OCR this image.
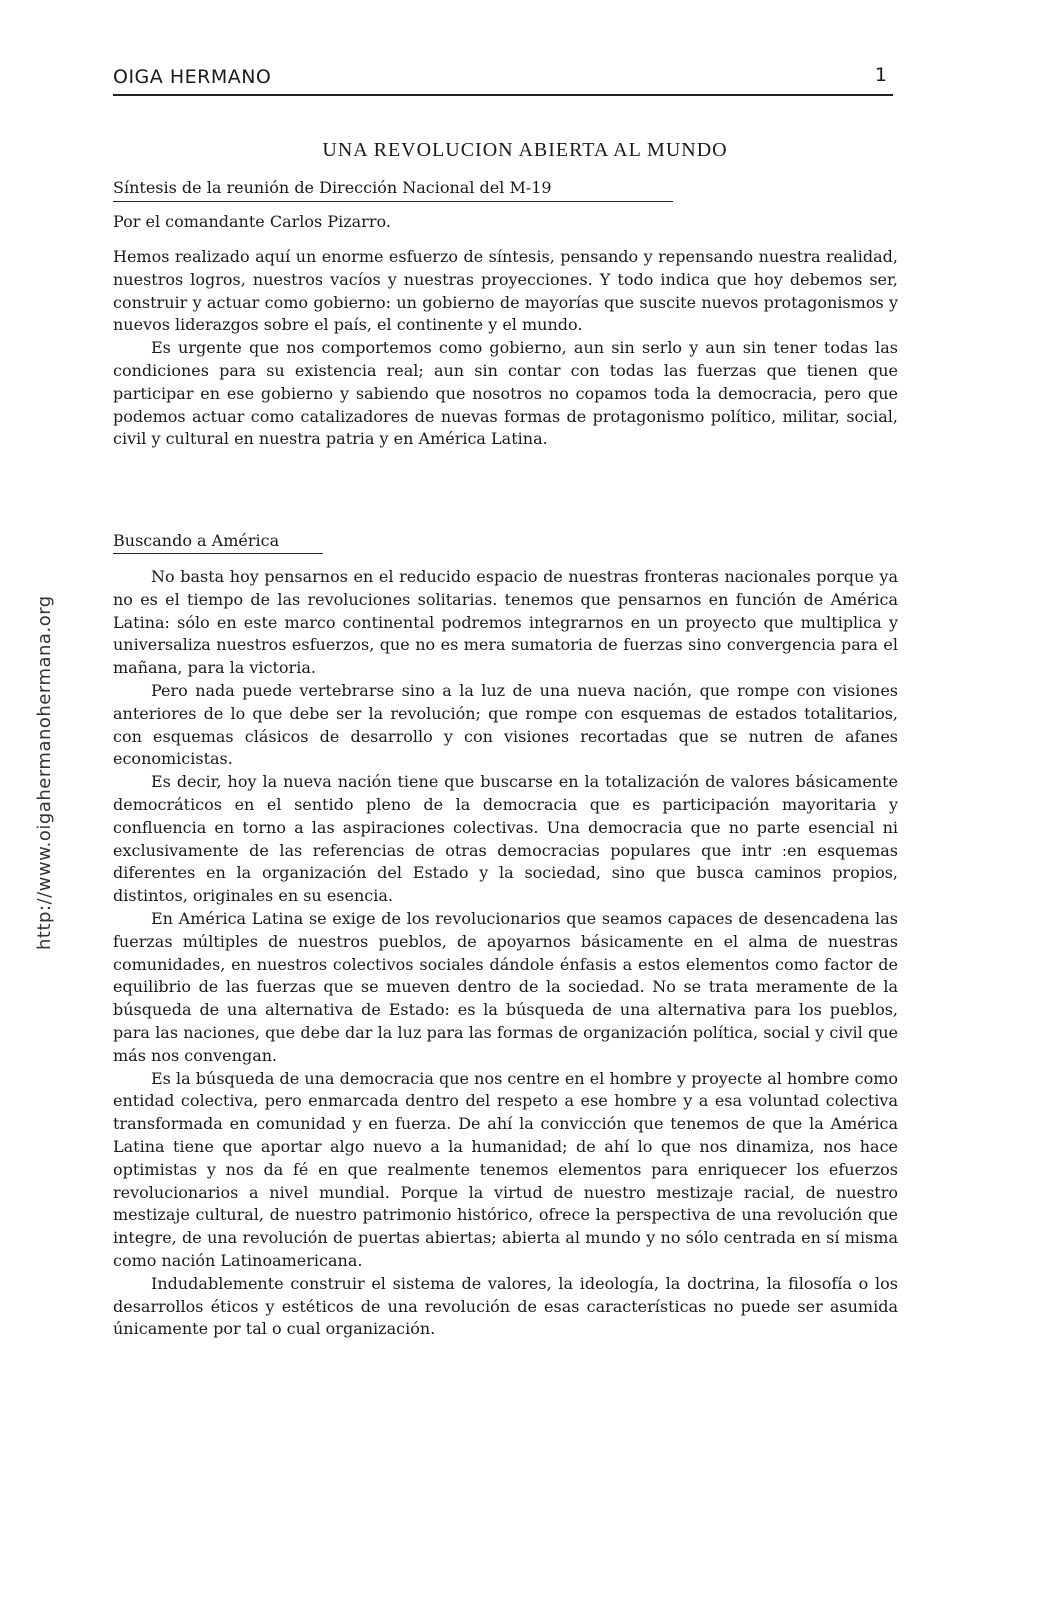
OIGA HERMANO	1
http://www.oigahermanohermana.org
UNA REVOLUCION ABIERTA AL MUNDO
Síntesis de la reunión de Dirección Nacional del M-19
Por el comandante Carlos Pizarro.

Hemos realizado aquí un enorme esfuerzo de síntesis, pensando y repensando nuestra realidad, nuestros logros, nuestros vacíos y nuestras proyecciones. Y todo indica que hoy debemos ser, construir y actuar como gobierno: un gobierno de mayorías que suscite nuevos protagonismos y nuevos liderazgos sobre el país, el continente y el mundo.

Es urgente que nos comportemos como gobierno, aun sin serlo y aun sin tener todas las condiciones para su existencia real; aun sin contar con todas las fuerzas que tienen que participar en ese gobierno y sabiendo que nosotros no copamos toda la democracia, pero que podemos actuar como catalizadores de nuevas formas de protagonismo político, militar, social, civil y cultural en nuestra patria y en América Latina.

Buscando a América

No basta hoy pensarnos en el reducido espacio de nuestras fronteras nacionales porque ya no es el tiempo de las revoluciones solitarias. tenemos que pensarnos en función de América Latina: sólo en este marco continental podremos integrarnos en un proyecto que multiplica y universaliza nuestros esfuerzos, que no es mera sumatoria de fuerzas sino convergencia para el mañana, para la victoria.

Pero nada puede vertebrarse sino a la luz de una nueva nación, que rompe con visiones anteriores de lo que debe ser la revolución; que rompe con esquemas de estados totalitarios, con esquemas clásicos de desarrollo y con visiones recortadas que se nutren de afanes economicistas.

Es decir, hoy la nueva nación tiene que buscarse en la totalización de valores básicamente democráticos en el sentido pleno de la democracia que es participación mayoritaria y confluencia en torno a las aspiraciones colectivas. Una democracia que no parte esencial ni exclusivamente de las referencias de otras democracias populares que intr ːen esquemas diferentes en la organización del Estado y la sociedad, sino que busca caminos propios, distintos, originales en su esencia.

En América Latina se exige de los revolucionarios que seamos capaces de desencadena las fuerzas múltiples de nuestros pueblos, de apoyarnos básicamente en el alma de nuestras comunidades, en nuestros colectivos sociales dándole énfasis a estos elementos como factor de equilibrio de las fuerzas que se mueven dentro de la sociedad. No se trata meramente de la búsqueda de una alternativa de Estado: es la búsqueda de una alternativa para los pueblos, para las naciones, que debe dar la luz para las formas de organización política, social y civil que más nos convengan.

Es la búsqueda de una democracia que nos centre en el hombre y proyecte al hombre como entidad colectiva, pero enmarcada dentro del respeto a ese hombre y a esa voluntad colectiva transformada en comunidad y en fuerza. De ahí la convicción que tenemos de que la América Latina tiene que aportar algo nuevo a la humanidad; de ahí lo que nos dinamiza, nos hace optimistas y nos da fé en que realmente tenemos elementos para enriquecer los efuerzos revolucionarios a nivel mundial. Porque la virtud de nuestro mestizaje racial, de nuestro mestizaje cultural, de nuestro patrimonio histórico, ofrece la perspectiva de una revolución que integre, de una revolución de puertas abiertas; abierta al mundo y no sólo centrada en sí misma como nación Latinoamericana.

Indudablemente construir el sistema de valores, la ideología, la doctrina, la filosofía o los desarrollos éticos y estéticos de una revolución de esas características no puede ser asumida únicamente por tal o cual organización.
